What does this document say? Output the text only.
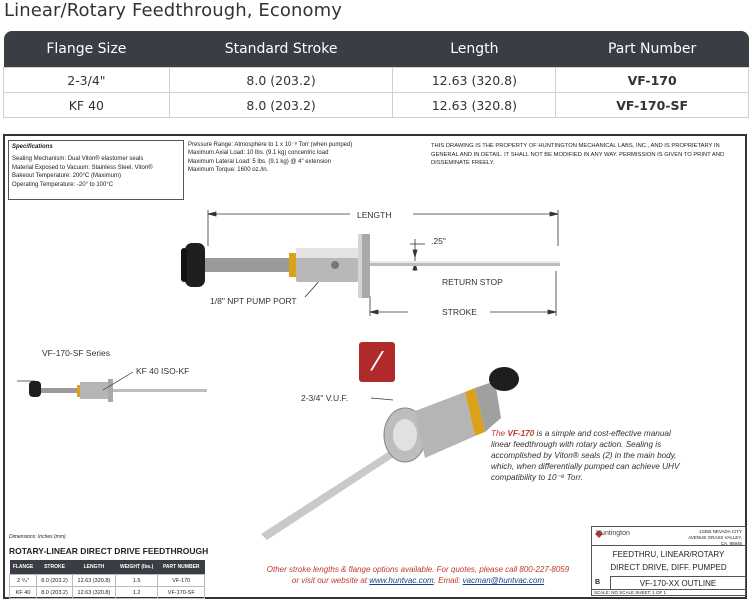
Linear/Rotary Feedthrough, Economy
Flange Size	Standard Stroke	Length	Part Number
2-3/4"	8.0 (203.2)	12.63 (320.8)	VF-170
KF 40	8.0 (203.2)	12.63 (320.8)	VF-170-SF
Specifications
Sealing Mechanism: Dual Viton® elastomer seals
Material Exposed to Vacuum: Stainless Steel, Viton®
Bakeout Temperature: 200°C (Maximum)
Operating Temperature: -20° to 100°C
Pressure Range: Atmosphere to 1 x 10⁻⁸ Torr (when pumped)
Maximum Axial Load: 10 lbs. (9.1 kg) concentric load
Maximum Lateral Load: 5 lbs. (9.1 kg) @ 4" extension
Maximum Torque: 1600 oz./in.
THIS DRAWING IS THE PROPERTY OF HUNTINGTON MECHANICAL LABS, INC., AND IS PROPRIETARY IN GENERAL AND IN DETAIL. IT SHALL NOT BE MODIFIED IN ANY WAY. PERMISSION IS GIVEN TO PRINT AND DISSEMINATE FREELY.
LENGTH
.25"
RETURN STOP
1/8" NPT PUMP PORT
STROKE
VF-170-SF Series
KF 40 ISO-KF
2-3/4" V.U.F.
⁄
The VF-170 is a simple and cost-effective manual linear feedthrough with rotary action. Sealing is accomplished by Viton® seals (2) in the main body, which, when differentially pumped can achieve UHV compatibility to 10⁻⁸ Torr.
Dimensions: Inches (mm)
ROTARY-LINEAR DIRECT DRIVE FEEDTHROUGH
FLANGE	STROKE	LENGTH	WEIGHT (lbs.)	PART NUMBER
2 ³/₄"	8.0 (203.2)	12.63 (320.8)	1.5	VF-170
KF 40	8.0 (203.2)	12.63 (320.8)	1.2	VF-170-SF
Other stroke lengths & flange options available. For quotes, please call 800-227-8059
or visit our website at www.huntvac.com. Email: vacman@huntvac.com
Huntington	13355 NEVADA CITY AVENUE GRASS VALLEY, CA. 95945
FEEDTHRU, LINEAR/ROTARY
DIRECT DRIVE, DIFF. PUMPED
B	VF-170-XX OUTLINE
SCALE: NO SCALE SHEET: 1 OF 1
